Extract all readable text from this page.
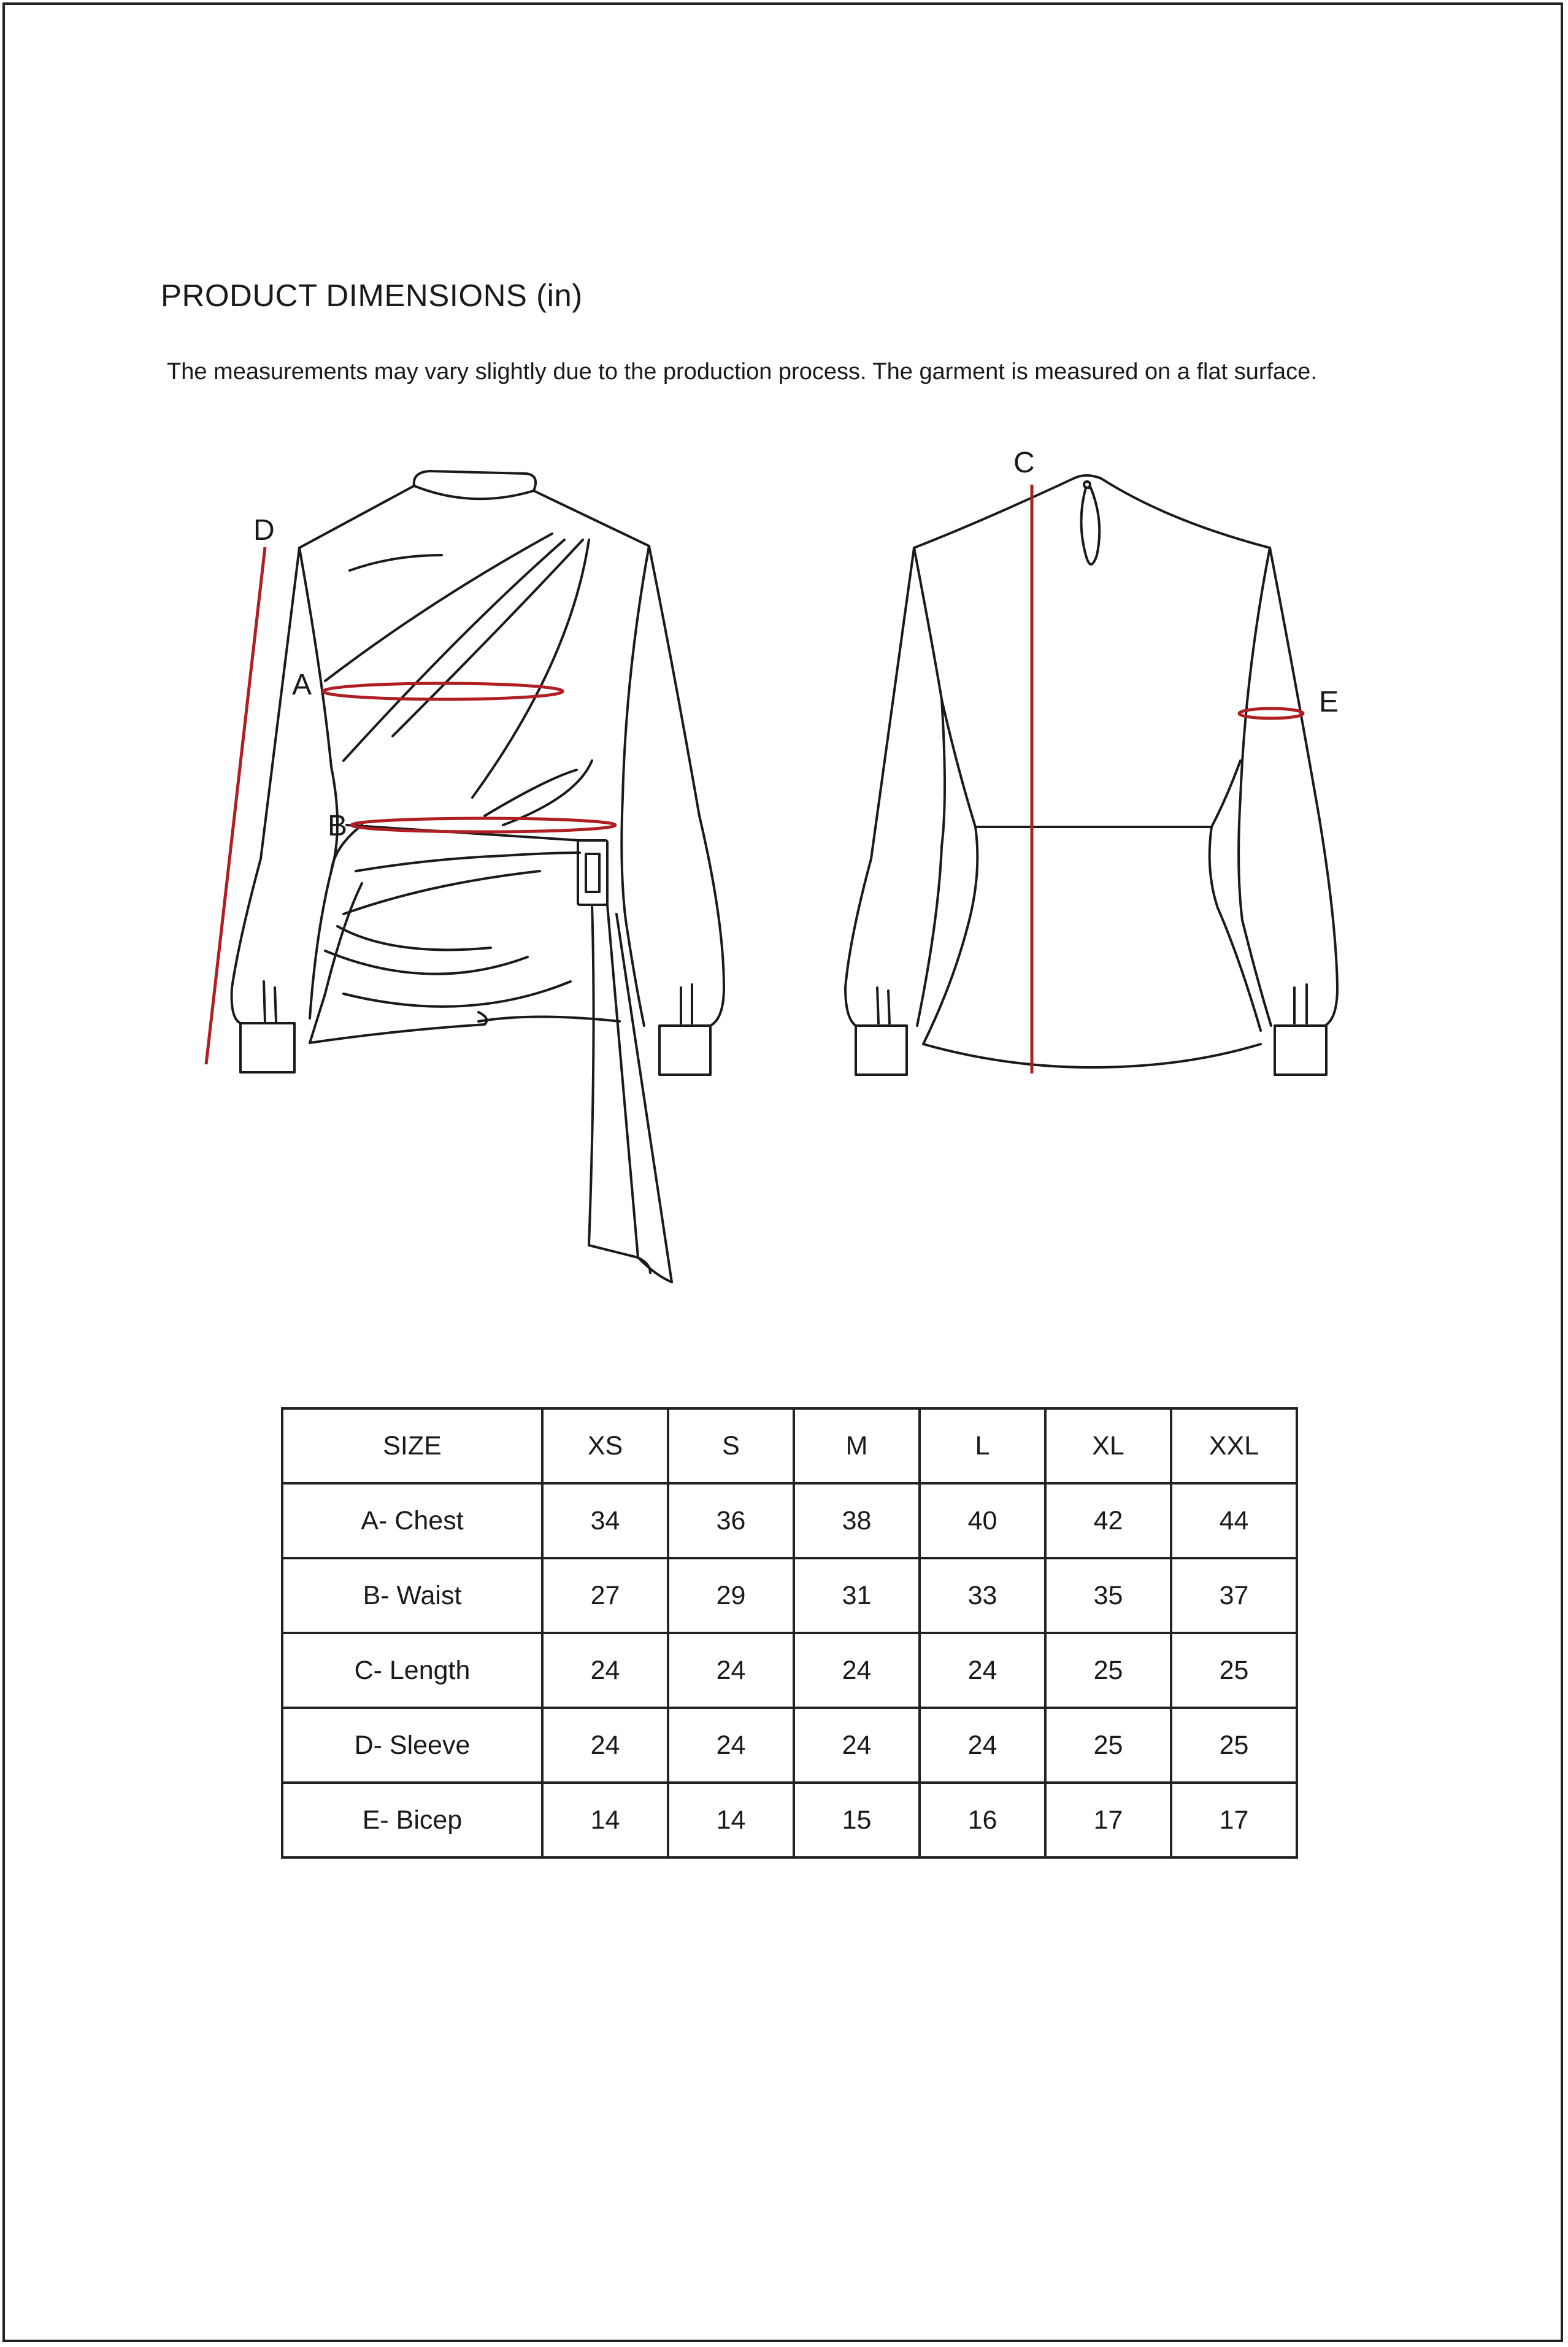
PRODUCT DIMENSIONS (in)

The measurements may vary slightly due to the production process. The garment is measured on a flat surface.

A
B
C
D
E
SIZE	XS	S	M	L	XL	XXL
A- Chest	34	36	38	40	42	44
B- Waist	27	29	31	33	35	37
C- Length	24	24	24	24	25	25
D- Sleeve	24	24	24	24	25	25
E- Bicep	14	14	15	16	17	17
